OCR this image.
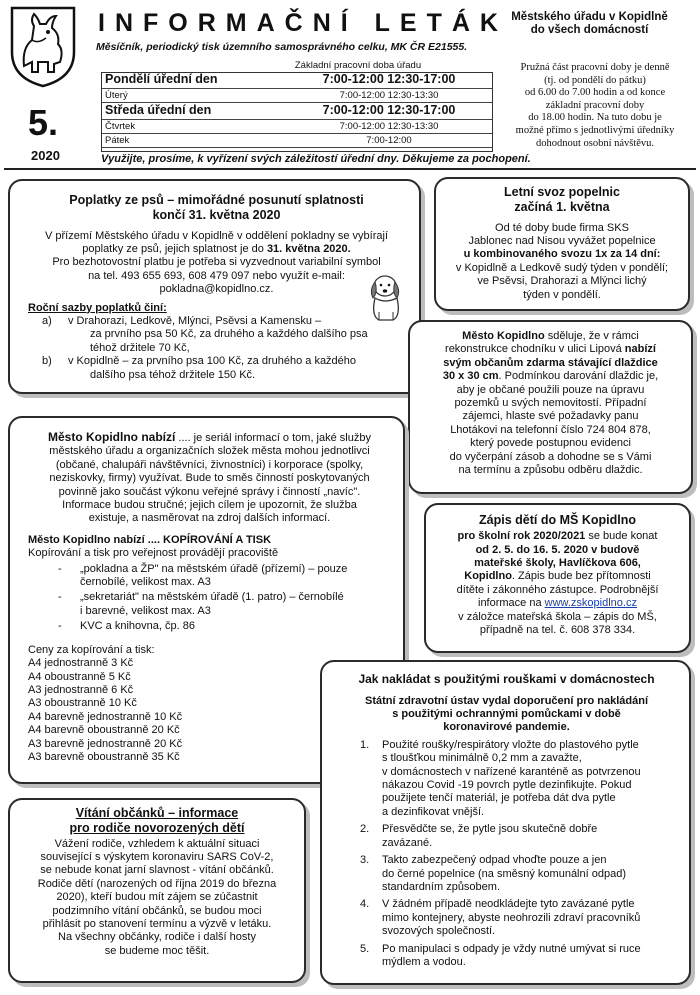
INFORMAČNÍ LETÁK Městského úřadu v Kopidlně
do všech domácností
Měsíčník, periodický tisk územního samosprávného celku, MK ČR E21555.
5.
2020
Základní pracovní doba úřadu
Pondělí úřední den	7:00-12:00 12:30-17:00
Úterý	7:00-12:00 12:30-13:30
Středa úřední den	7:00-12:00 12:30-17:00
Čtvrtek	7:00-12:00 12:30-13:30
Pátek	7:00-12:00
Pružná část pracovní doby je denně
(tj. od pondělí do pátku)
od 6.00 do 7.00 hodin a od konce
základní pracovní doby
do 18.00 hodin. Na tuto dobu je
možné přímo s jednotlivými úředníky
dohodnout osobní návštěvu.
Využijte, prosíme, k vyřízení svých záležitostí úřední dny. Děkujeme za pochopení.
Poplatky ze psů – mimořádné posunutí splatnosti
končí 31. května 2020
V přízemí Městského úřadu v Kopidlně v oddělení pokladny se vybírají
poplatky ze psů, jejich splatnost je do 31. května 2020.
Pro bezhotovostní platbu je potřeba si vyzvednout variabilní symbol
na tel. 493 655 693, 608 479 097 nebo využít e-mail:
pokladna@kopidlno.cz.
Roční sazby poplatků činí:
a)	v Drahorazi, Ledkově, Mlýnci, Psěvsi a Kamensku –
za prvního psa 50 Kč, za druhého a každého dalšího psa
téhož držitele 70 Kč,
b)	v Kopidlně – za prvního psa 100 Kč, za druhého a každého
dalšího psa téhož držitele 150 Kč.
Letní svoz popelnic
začíná 1. května
Od té doby bude firma SKS
Jablonec nad Nisou vyvážet popelnice
u kombinovaného svozu 1x za 14 dní:
v Kopidlně a Ledkově sudý týden v pondělí;
ve Psěvsi, Drahorazi a Mlýnci lichý
týden v pondělí.
Město Kopidlno sděluje, že v rámci
rekonstrukce chodníku v ulici Lipová nabízí
svým občanům zdarma stávající dlaždice
30 x 30 cm. Podmínkou darování dlaždic je,
aby je občané použili pouze na úpravu
pozemků u svých nemovitostí. Případní
zájemci, hlaste své požadavky panu
Lhotákovi na telefonní číslo 724 804 878,
který povede postupnou evidenci
do vyčerpání zásob a dohodne se s Vámi
na termínu a způsobu odběru dlaždic.
Město Kopidlno nabízí .... je seriál informací o tom, jaké služby
městského úřadu a organizačních složek města mohou jednotlivci
(občané, chalupáři návštěvníci, živnostníci) i korporace (spolky,
neziskovky, firmy) využívat. Bude to směs činností poskytovaných
povinně jako součást výkonu veřejné správy i činností „navíc".
Informace budou stručné; jejich cílem je upozornit, že služba
existuje, a nasměrovat na zdroj dalších informací.
Město Kopidlno nabízí .... KOPÍROVÁNÍ A TISK
Kopírování a tisk pro veřejnost provádějí pracoviště
-	„pokladna a ŽP" na městském úřadě (přízemí) – pouze
černobílé, velikost max. A3
-	„sekretariát" na městském úřadě (1. patro) – černobílé
i barevné, velikost max. A3
-	KVC a knihovna, čp. 86
Ceny za kopírování a tisk:
A4 jednostranně 3 Kč
A4 oboustranně 5 Kč
A3 jednostranně 6 Kč
A3 oboustranně 10 Kč
A4 barevně jednostranně 10 Kč
A4 barevně oboustranně 20 Kč
A3 barevně jednostranně 20 Kč
A3 barevně oboustranně 35 Kč
Zápis dětí do MŠ Kopidlno
pro školní rok 2020/2021 se bude konat
od 2. 5. do 16. 5. 2020 v budově
mateřské školy, Havlíčkova 606,
Kopidlno. Zápis bude bez přítomnosti
dítěte i zákonného zástupce. Podrobnější
informace na www.zskopidlno.cz
v záložce mateřská škola – zápis do MŠ,
případně na tel. č. 608 378 334.
Jak nakládat s použitými rouškami v domácnostech
Státní zdravotní ústav vydal doporučení pro nakládání
s použitými ochrannými pomůckami v době
koronavirové pandemie.
1.	Použité roušky/respirátory vložte do plastového pytle
s tloušťkou minimálně 0,2 mm a zavažte,
v domácnostech v nařízené karanténě as potvrzenou
nákazou Covid -19 povrch pytle dezinfikujte. Pokud
použijete tenčí materiál, je potřeba dát dva pytle
a dezinfikovat vnější.
2.	Přesvědčte se, že pytle jsou skutečně dobře
zavázané.
3.	Takto zabezpečený odpad vhoďte pouze a jen
do černé popelnice (na směsný komunální odpad)
standardním způsobem.
4.	V žádném případě neodkládejte tyto zavázané pytle
mimo kontejnery, abyste neohrozili zdraví pracovníků
svozových společností.
5.	Po manipulaci s odpady je vždy nutné umývat si ruce
mýdlem a vodou.
Vítání občánků – informace
pro rodiče novorozených dětí
Vážení rodiče, vzhledem k aktuální situaci
související s výskytem koronaviru SARS CoV-2,
se nebude konat jarní slavnost - vítání občánků.
Rodiče dětí (narozených od října 2019 do března
2020), kteří budou mít zájem se zúčastnit
podzimního vítání občánků, se budou moci
přihlásit po stanovení termínu a výzvě v letáku.
Na všechny občánky, rodiče i další hosty
se budeme moc těšit.
